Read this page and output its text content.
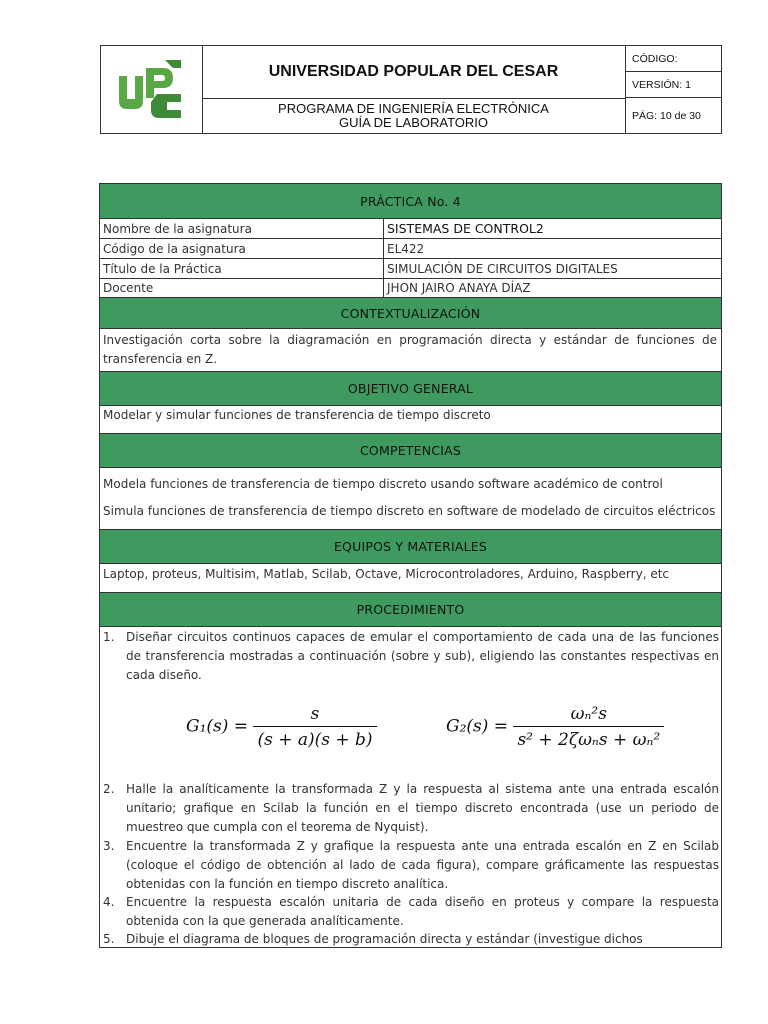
UNIVERSIDAD POPULAR DEL CESAR
PROGRAMA DE INGENIERÍA ELECTRÓNICA
GUÍA DE LABORATORIO
CÓDIGO:
VERSIÓN: 1
PÁG: 10 de 30
PRÁCTICA No. 4
Nombre de la asignatura	SISTEMAS DE CONTROL2
Código de la asignatura	EL422
Título de la Práctica	SIMULACIÓN DE CIRCUITOS DIGITALES
Docente	JHON JAIRO ANAYA DÍAZ
CONTEXTUALIZACIÓN
Investigación corta sobre la diagramación en programación directa y estándar de funciones de transferencia en Z.
OBJETIVO GENERAL
Modelar y simular funciones de transferencia de tiempo discreto
COMPETENCIAS
Modela funciones de transferencia de tiempo discreto usando software académico de control
Simula funciones de transferencia de tiempo discreto en software de modelado de circuitos eléctricos
EQUIPOS Y MATERIALES
Laptop, proteus, Multisim, Matlab, Scilab, Octave, Microcontroladores, Arduino, Raspberry, etc
PROCEDIMIENTO
1. Diseñar circuitos continuos capaces de emular el comportamiento de cada una de las funciones de transferencia mostradas a continuación (sobre y sub), eligiendo las constantes respectivas en cada diseño.
$G_1(s) = \frac{s}{(s + a)(s + b)}$	$G_2(s) = \frac{\text{ωₙ²s}}{\text{s² + 2ζωₙs + ωₙ²}}$
2. Halle la analíticamente la transformada Z y la respuesta al sistema ante una entrada escalón unitario; grafique en Scilab la función en el tiempo discreto encontrada (use un periodo de muestreo que cumpla con el teorema de Nyquist).
3. Encuentre la transformada Z y grafique la respuesta ante una entrada escalón en Z en Scilab (coloque el código de obtención al lado de cada figura), compare gráficamente las respuestas obtenidas con la función en tiempo discreto analítica.
4. Encuentre la respuesta escalón unitaria de cada diseño en proteus y compare la respuesta obtenida con la que generada analíticamente.
5. Dibuje el diagrama de bloques de programación directa y estándar (investigue dichos
